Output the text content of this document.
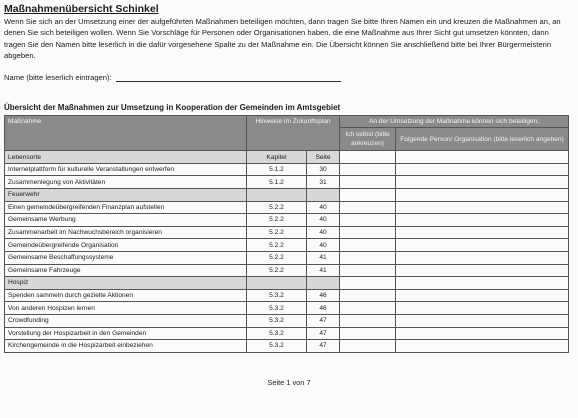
Maßnahmenübersicht Schinkel

Wenn Sie sich an der Umsetzung einer der aufgeführten Maßnahmen beteiligen möchten, dann tragen Sie bitte Ihren Namen ein und kreuzen die Maßnahmen an, an denen Sie sich beteiligen wollen. Wenn Sie Vorschläge für Personen oder Organisationen haben, die eine Maßnahme aus Ihrer Sicht gut umsetzen könnten, dann tragen Sie den Namen bitte leserlich in die dafür vorgesehene Spalte zu der Maßnahme ein. Die Übersicht können Sie anschließend bitte bei Ihrer Bürgermeisterin abgeben.

Name (bitte leserlich eintragen):
Übersicht der Maßnahmen zur Umsetzung in Kooperation der Gemeinden im Amtsgebiet
Maßnahme	Hinweise im Zukunftsplan		An der Umsetzung der Maßnahme können sich beteiligen:	
			Ich selbst (bitte ankreuzen)	Folgende Person/ Organisation (bitte leserlich angeben)
Lebensorte	Kapitel	Seite		
Internetplattform für kulturelle Veranstaltungen entwerfen	5.1.2	30		
Zusammenlegung von Aktivitäten	5.1.2	31		
Feuerwehr				
Einen gemeindeübergreifenden Finanzplan aufstellen	5.2.2	40		
Gemeinsame Werbung	5.2.2	40		
Zusammenarbeit im Nachwuchsbereich organisieren	5.2.2	40		
Gemeindeübergreifende Organisation	5.2.2	40		
Gemeinsame Beschaffungssysteme	5.2.2	41		
Gemeinsame Fahrzeuge	5.2.2	41		
Hospiz				
Spenden sammeln durch gezielte Aktionen	5.3.2	46		
Von anderen Hospizen lernen	5.3.2	46		
Crowdfunding	5.3.2	47		
Vorstellung der Hospizarbeit in den Gemeinden	5.3.2	47		
Kirchengemeinde in die Hospizarbeit einbeziehen	5.3.2	47		
Seite 1 von 7
